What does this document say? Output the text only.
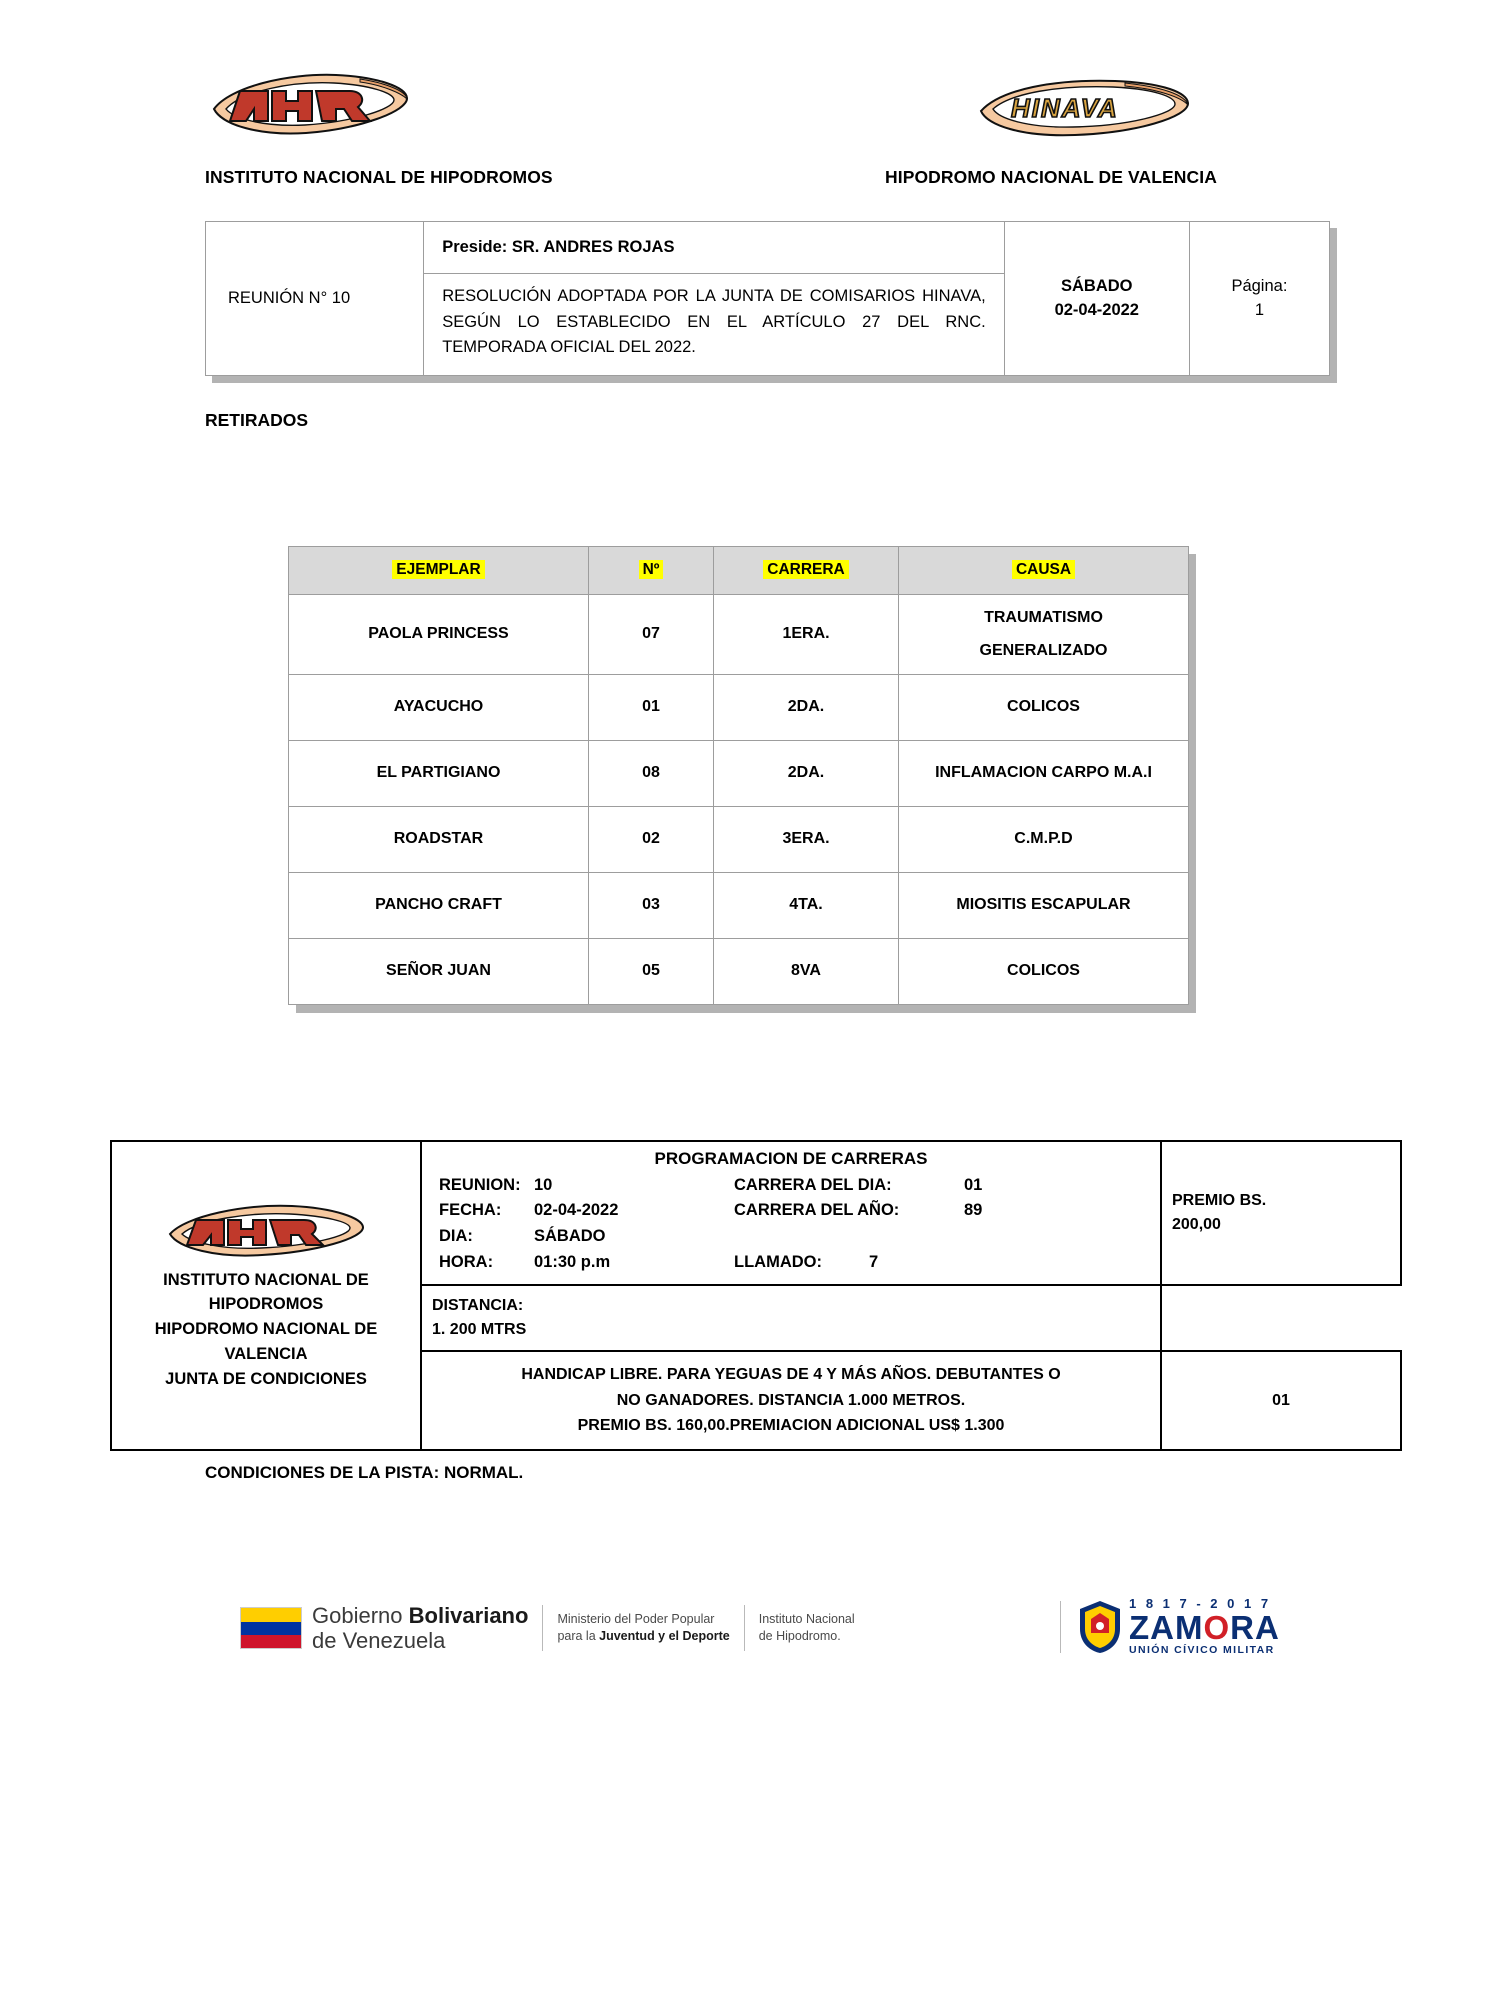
HINAVA
INSTITUTO NACIONAL DE HIPODROMOS	HIPODROMO NACIONAL DE VALENCIA
REUNIÓN N° 10	Preside: SR. ANDRES ROJAS	
SÁBADO
02-04-2022

Página:
1

RESOLUCIÓN ADOPTADA POR LA JUNTA DE COMISARIOS HINAVA, SEGÚN LO ESTABLECIDO EN EL ARTÍCULO 27 DEL RNC.
TEMPORADA OFICIAL DEL 2022.
RETIRADOS
EJEMPLAR	Nº	CARRERA	CAUSA
PAOLA PRINCESS	07	1ERA.	TRAUMATISMO
GENERALIZADO

AYACUCHO	01	2DA.	COLICOS
EL PARTIGIANO	08	2DA.	INFLAMACION CARPO M.A.I
ROADSTAR	02	3ERA.	C.M.P.D
PANCHO CRAFT	03	4TA.	MIOSITIS ESCAPULAR
SEÑOR JUAN	05	8VA	COLICOS
INSTITUTO NACIONAL DE
HIPODROMOS
HIPODROMO NACIONAL DE
VALENCIA
JUNTA DE CONDICIONES

PROGRAMACION DE CARRERAS
REUNION: 10	CARRERA DEL DIA:	01
FECHA:	02-04-2022	CARRERA DEL AÑO:	89
DIA:	SÁBADO
HORA:	01:30 p.m	LLAMADO:	7

PREMIO BS.
200,00

	DISTANCIA:
1. 200 MTRS	

	HANDICAP LIBRE. PARA YEGUAS DE 4 Y MÁS AÑOS. DEBUTANTES O
NO GANADORES. DISTANCIA 1.000 METROS.
PREMIO BS. 160,00.PREMIACION ADICIONAL US$ 1.300	01
CONDICIONES DE LA PISTA: NORMAL.
Gobierno Bolivariano
de Venezuela
Ministerio del Poder Popular
para la Juventud y el Deporte
Instituto Nacional
de Hipodromo.
1 8 1 7 - 2 0 1 7
ZAMORA
UNIÓN CÍVICO MILITAR
